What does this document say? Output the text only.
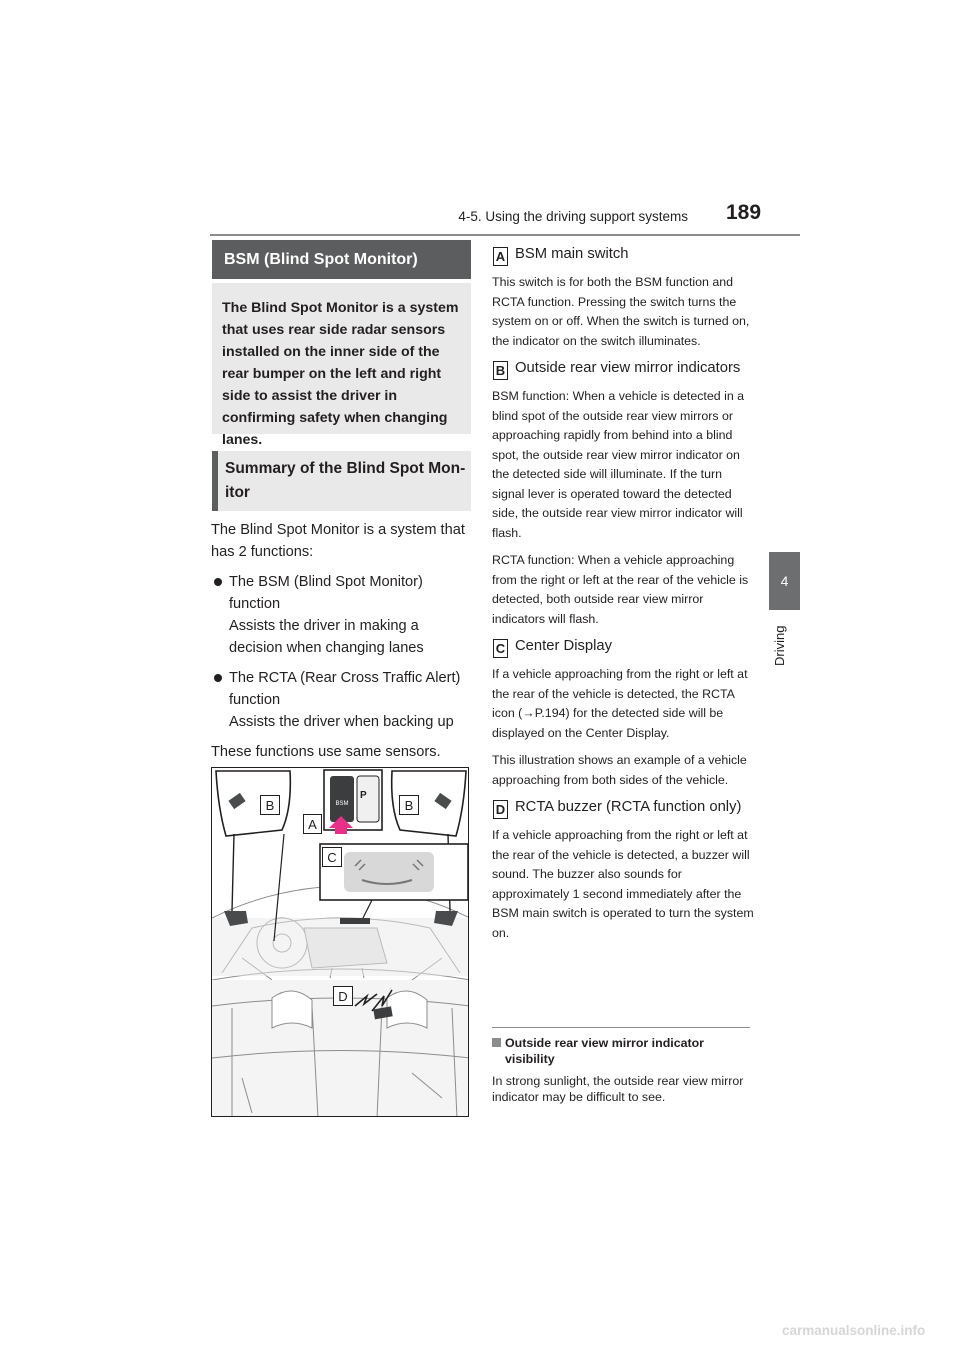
4-5. Using the driving support systems 189
4
Driving
BSM (Blind Spot Monitor)
The Blind Spot Monitor is a system that uses rear side radar sensors installed on the inner side of the rear bumper on the left and right side to assist the driver in confirming safety when changing lanes.
Summary of the Blind Spot Mon-
itor

The Blind Spot Monitor is a system that has 2 functions:

The BSM (Blind Spot Monitor) function
Assists the driver in making a decision when changing lanes
The RCTA (Rear Cross Traffic Alert) function
Assists the driver when backing up

These functions use same sensors.

B	B
A
C
D
BSM
P
A BSM main switch

This switch is for both the BSM function and RCTA function. Pressing the switch turns the system on or off. When the switch is turned on, the indicator on the switch illuminates.

B Outside rear view mirror indicators

BSM function: When a vehicle is detected in a blind spot of the outside rear view mirrors or approaching rapidly from behind into a blind spot, the outside rear view mirror indicator on the detected side will illuminate. If the turn signal lever is operated toward the detected side, the outside rear view mirror indicator will flash.

RCTA function: When a vehicle approaching from the right or left at the rear of the vehicle is detected, both outside rear view mirror indicators will flash.

C Center Display

If a vehicle approaching from the right or left at the rear of the vehicle is detected, the RCTA icon (→P.194) for the detected side will be displayed on the Center Display.

This illustration shows an example of a vehicle approaching from both sides of the vehicle.

D RCTA buzzer (RCTA function only)

If a vehicle approaching from the right or left at the rear of the vehicle is detected, a buzzer will sound. The buzzer also sounds for approximately 1 second immediately after the BSM main switch is operated to turn the system on.

Outside rear view mirror indicator visibility
In strong sunlight, the outside rear view mirror indicator may be difficult to see.
carmanualsonline.info
